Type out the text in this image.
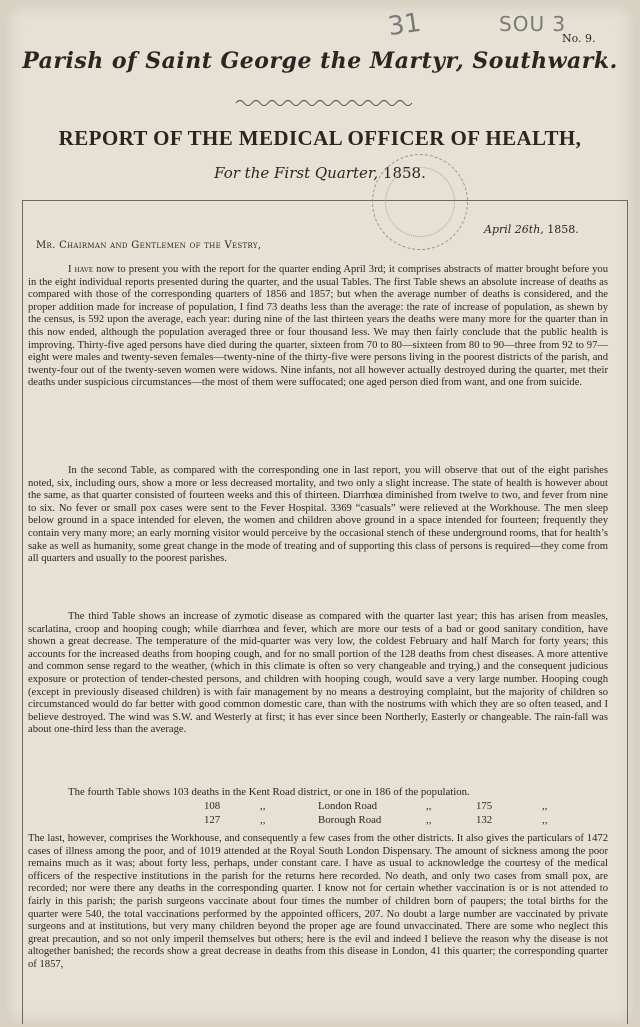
31	SOU 3
No. 9.
Parish of Saint George the Martyr, Southwark.
REPORT OF THE MEDICAL OFFICER OF HEALTH,
For the First Quarter, 1858.
April 26th, 1858.
Mr. Chairman and Gentlemen of the Vestry,

I have now to present you with the report for the quarter ending April 3rd; it comprises abstracts of matter brought before you in the eight individual reports presented during the quarter, and the usual Tables. The first Table shews an absolute increase of deaths as compared with those of the corresponding quarters of 1856 and 1857; but when the average number of deaths is considered, and the proper addition made for increase of population, I find 73 deaths less than the average: the rate of increase of population, as shewn by the census, is 592 upon the average, each year: during nine of the last thirteen years the deaths were many more for the quarter than in this now ended, although the population averaged three or four thousand less. We may then fairly conclude that the public health is improving. Thirty-five aged persons have died during the quarter, sixteen from 70 to 80—sixteen from 80 to 90—three from 92 to 97—eight were males and twenty-seven females—twenty-nine of the thirty-five were persons living in the poorest districts of the parish, and twenty-four out of the twenty-seven women were widows. Nine infants, not all however actually destroyed during the quarter, met their deaths under suspicious circumstances—the most of them were suffocated; one aged person died from want, and one from suicide.

In the second Table, as compared with the corresponding one in last report, you will observe that out of the eight parishes noted, six, including ours, show a more or less decreased mortality, and two only a slight increase. The state of health is however about the same, as that quarter consisted of fourteen weeks and this of thirteen. Diarrhœa diminished from twelve to two, and fever from nine to six. No fever or small pox cases were sent to the Fever Hospital. 3369 “casuals” were relieved at the Workhouse. The men sleep below ground in a space intended for eleven, the women and children above ground in a space intended for fourteen; frequently they contain very many more; an early morning visitor would perceive by the occasional stench of these underground rooms, that for health’s sake as well as humanity, some great change in the mode of treating and of supporting this class of persons is required—they come from all quarters and usually to the poorest parishes.

The third Table shows an increase of zymotic disease as compared with the quarter last year; this has arisen from measles, scarlatina, croop and hooping cough; while diarrhœa and fever, which are more our tests of a bad or good sanitary condition, have shown a great decrease. The temperature of the mid-quarter was very low, the coldest February and half March for forty years; this accounts for the increased deaths from hooping cough, and for no small portion of the 128 deaths from chest diseases. A more attentive and common sense regard to the weather, (which in this climate is often so very changeable and trying,) and the consequent judicious exposure or protection of tender-chested persons, and children with hooping cough, would save a very large number. Hooping cough (except in previously diseased children) is with fair management by no means a destroying complaint, but the majority of children so circumstanced would do far better with good common domestic care, than with the nostrums with which they are so often teased, and I believe destroyed. The wind was S.W. and Westerly at first; it has ever since been Northerly, Easterly or changeable. The rain-fall was about one-third less than the average.

The fourth Table shows 103 deaths in the Kent Road district, or one in 186 of the population.
108	,,	London Road	,,	175	,,
127	,,	Borough Road	,,	132	,,

The last, however, comprises the Workhouse, and consequently a few cases from the other districts. It also gives the particulars of 1472 cases of illness among the poor, and of 1019 attended at the Royal South London Dispensary. The amount of sickness among the poor remains much as it was; about forty less, perhaps, under constant care. I have as usual to acknowledge the courtesy of the medical officers of the respective institutions in the parish for the returns here recorded. No death, and only two cases from small pox, are recorded; nor were there any deaths in the corresponding quarter. I know not for certain whether vaccination is or is not attended to fairly in this parish; the parish surgeons vaccinate about four times the number of children born of paupers; the total births for the quarter were 540, the total vaccinations performed by the appointed officers, 207. No doubt a large number are vaccinated by private surgeons and at institutions, but very many children beyond the proper age are found unvaccinated. There are some who neglect this great precaution, and so not only imperil themselves but others; here is the evil and indeed I believe the reason why the disease is not altogether banished; the records show a great decrease in deaths from this disease in London, 41 this quarter; the corresponding quarter of 1857,
